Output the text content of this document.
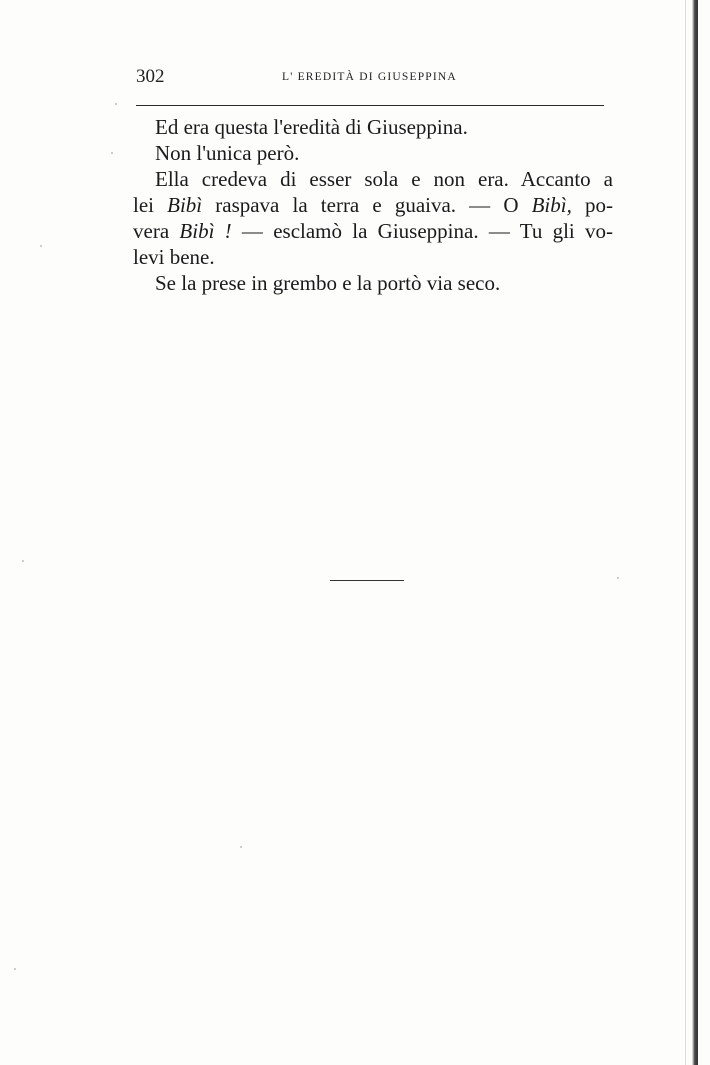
302	L' EREDITÀ DI GIUSEPPINA

Ed era questa l'eredità di Giuseppina.

Non l'unica però.

Ella credeva di esser sola e non era. Accanto a
lei Bibì raspava la terra e guaiva. — O Bibì, po-
vera Bibì ! — esclamò la Giuseppina. — Tu gli vo-
levi bene.

Se la prese in grembo e la portò via seco.
